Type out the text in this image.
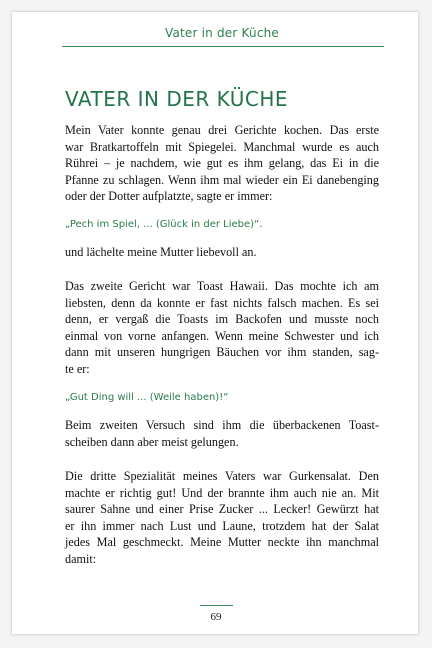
Vater in der Küche
VATER IN DER KÜCHE
Mein Vater konnte genau drei Gerichte kochen. Das erste
war Bratkartoffeln mit Spiegelei. Manchmal wurde es auch
Rührei – je nachdem, wie gut es ihm gelang, das Ei in die
Pfanne zu schlagen. Wenn ihm mal wieder ein Ei danebenging
oder der Dotter aufplatzte, sagte er immer:
„Pech im Spiel, ... (Glück in der Liebe)“.
und lächelte meine Mutter liebevoll an.
Das zweite Gericht war Toast Hawaii. Das mochte ich am
liebsten, denn da konnte er fast nichts falsch machen. Es sei
denn, er vergaß die Toasts im Backofen und musste noch
einmal von vorne anfangen. Wenn meine Schwester und ich
dann mit unseren hungrigen Bäuchen vor ihm standen, sag-
te er:
„Gut Ding will ... (Weile haben)!“
Beim zweiten Versuch sind ihm die überbackenen Toast-
scheiben dann aber meist gelungen.
Die dritte Spezialität meines Vaters war Gurkensalat. Den
machte er richtig gut! Und der brannte ihm auch nie an. Mit
saurer Sahne und einer Prise Zucker ... Lecker! Gewürzt hat
er ihn immer nach Lust und Laune, trotzdem hat der Salat
jedes Mal geschmeckt. Meine Mutter neckte ihn manchmal
damit:
69
